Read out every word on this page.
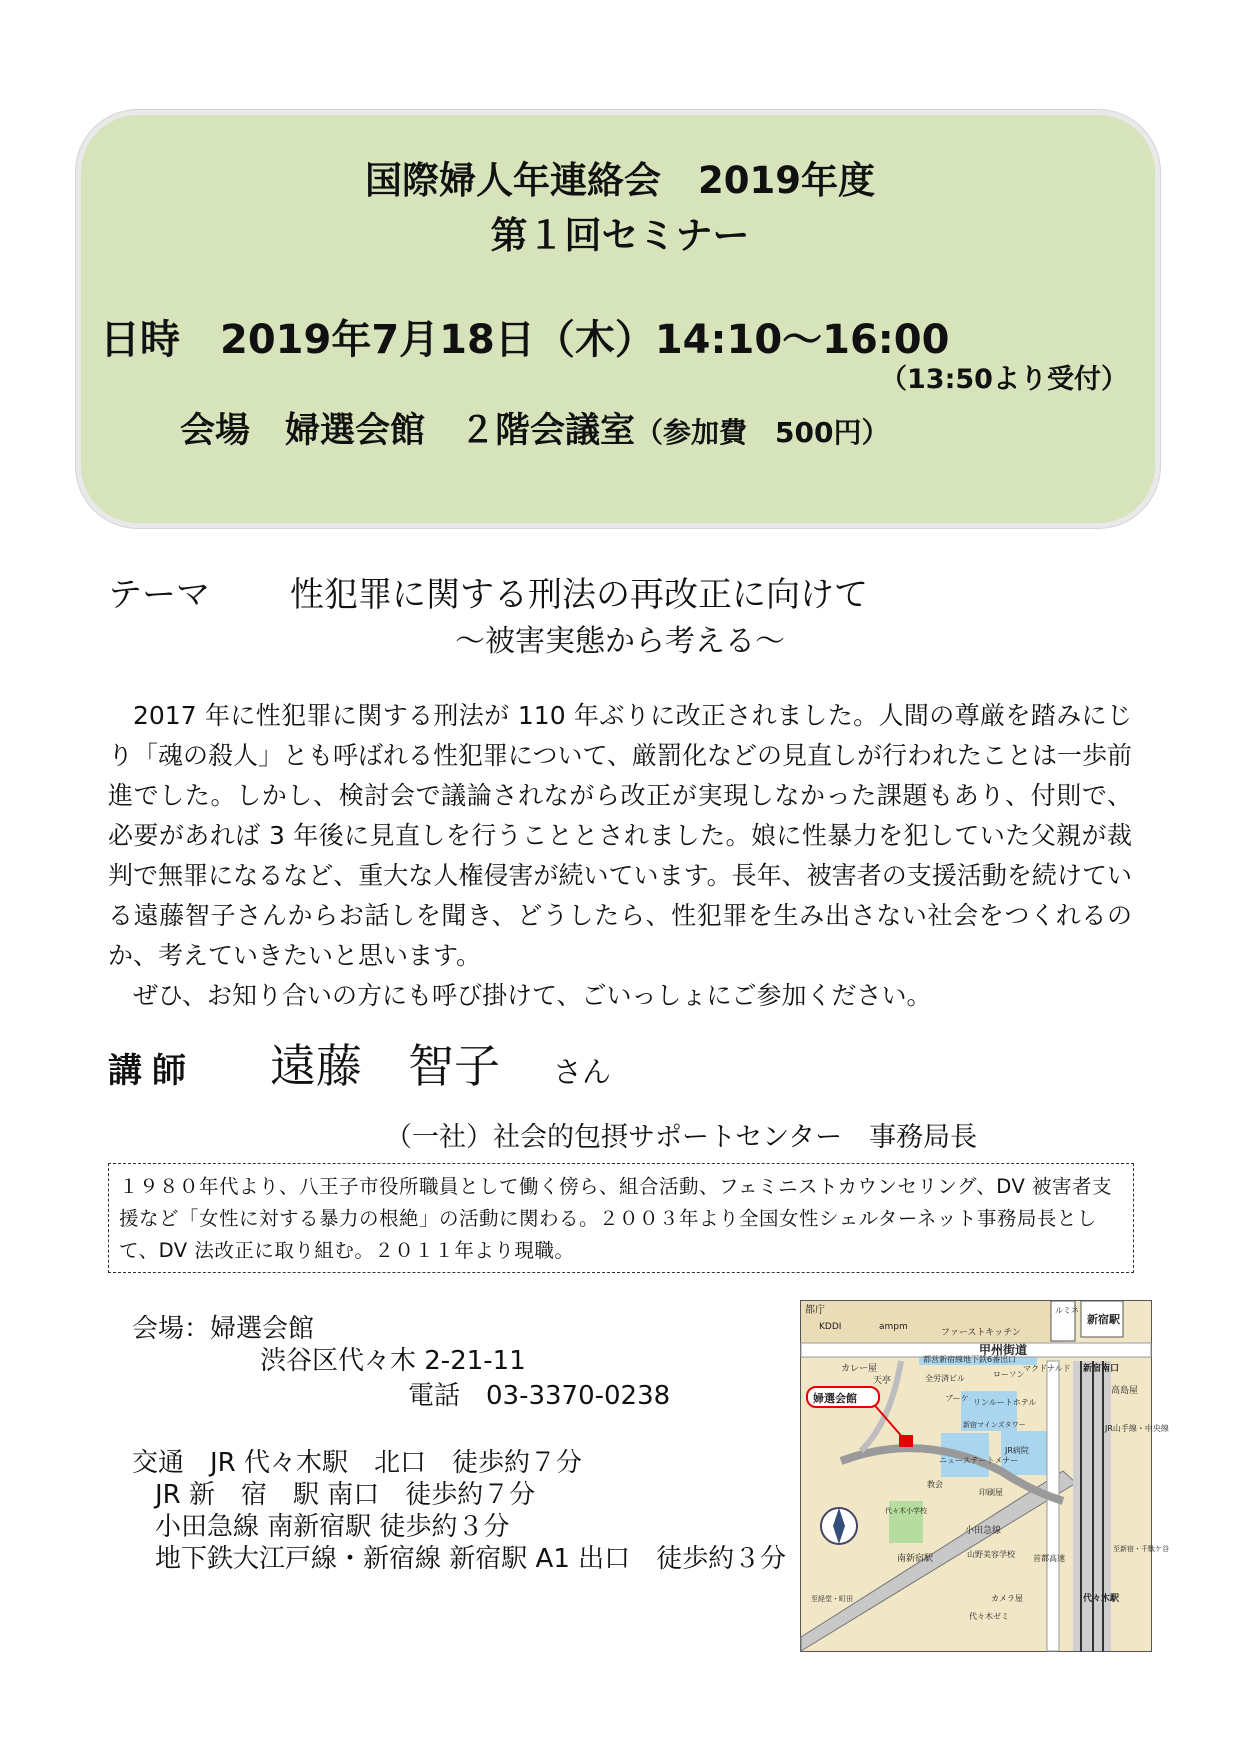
国際婦人年連絡会　2019年度
第１回セミナー
日時　2019年7月18日（木）14:10～16:00
（13:50より受付）
会場　婦選会館　２階会議室（参加費　500円）
テーマ 性犯罪に関する刑法の再改正に向けて
～被害実態から考える～

2017 年に性犯罪に関する刑法が 110 年ぶりに改正されました。人間の尊厳を踏みにじり「魂の殺人」とも呼ばれる性犯罪について、厳罰化などの見直しが行われたことは一歩前進でした。しかし、検討会で議論されながら改正が実現しなかった課題もあり、付則で、必要があれば 3 年後に見直しを行うこととされました。娘に性暴力を犯していた父親が裁判で無罪になるなど、重大な人権侵害が続いています。長年、被害者の支援活動を続けている遠藤智子さんからお話しを聞き、どうしたら、性犯罪を生み出さない社会をつくれるのか、考えていきたいと思います。

ぜひ、お知り合いの方にも呼び掛けて、ごいっしょにご参加ください。

講師 遠藤　智子 さん
（一社）社会的包摂サポートセンター　事務局長
１９８０年代より、八王子市役所職員として働く傍ら、組合活動、フェミニストカウンセリング、DV 被害者支援など「女性に対する暴力の根絶」の活動に関わる。２００３年より全国女性シェルターネット事務局長として、DV 法改正に取り組む。２０１１年より現職。
会場：婦選会館
渋谷区代々木 2-21-11
電話　03-3370-0238
交通　JR 代々木駅　北口　徒歩約７分
JR 新　宿　駅 南口　徒歩約７分
小田急線 南新宿駅 徒歩約３分
地下鉄大江戸線・新宿線 新宿駅 A1 出口　徒歩約３分
都庁
KDDI	ampm
ファーストキッチン
甲州街道
ルミネ
新宿駅
カレー屋
天亭
都営新宿線地下鉄6番出口
全労済ビル	ローソン
マクドナルド 新宿南口
高島屋
婦選会館	ブーケ リンルートホテル
新宿マインズタワー	JR山手線・中央線
ニューステートメナー
JR病院
教会
印刷屋
代々木小学校
小田急線
南新宿駅	山野美容学校
カメラ屋
代々木ゼミ
代々木駅
首都高速
至経堂・町田
至新宿・千駄ケ谷
